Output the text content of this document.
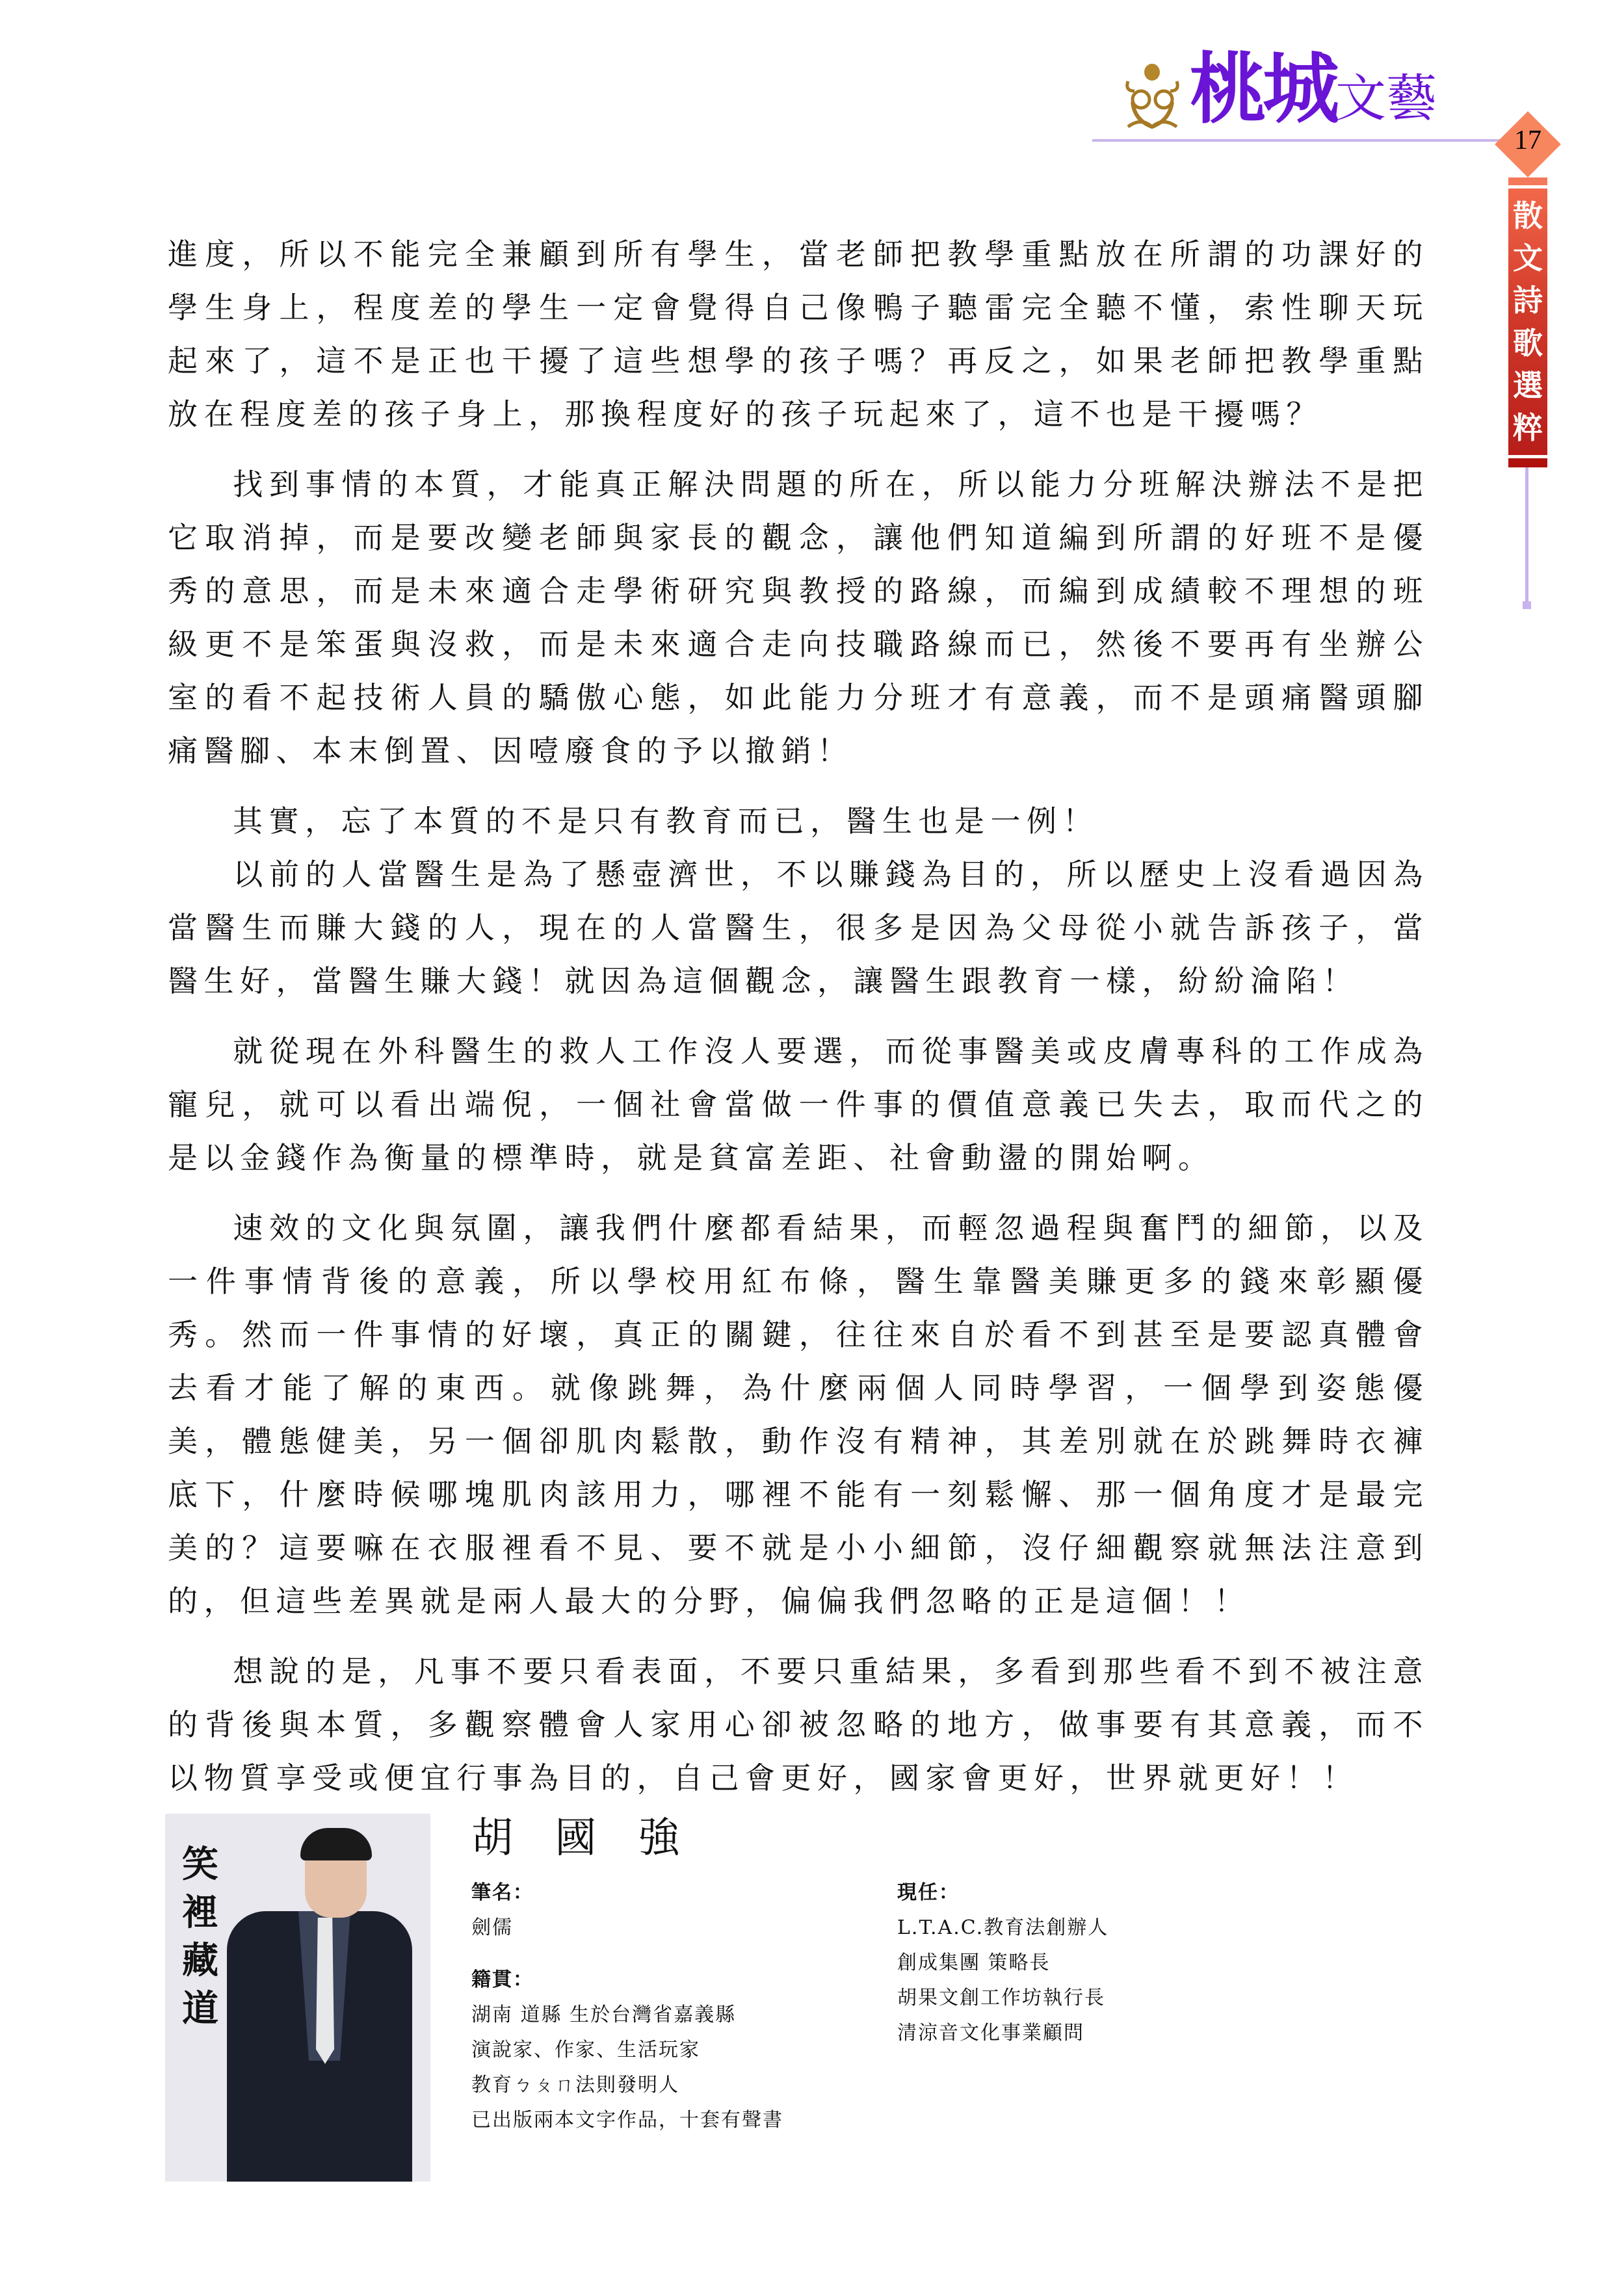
桃城文藝
17
散
文
詩
歌
選
粹

進度，所以不能完全兼顧到所有學生，當老師把教學重點放在所謂的功課好的學生身上，程度差的學生一定會覺得自己像鴨子聽雷完全聽不懂，索性聊天玩起來了，這不是正也干擾了這些想學的孩子嗎？再反之，如果老師把教學重點放在程度差的孩子身上，那換程度好的孩子玩起來了，這不也是干擾嗎？

找到事情的本質，才能真正解決問題的所在，所以能力分班解決辦法不是把它取消掉，而是要改變老師與家長的觀念，讓他們知道編到所謂的好班不是優秀的意思，而是未來適合走學術研究與教授的路線，而編到成績較不理想的班級更不是笨蛋與沒救，而是未來適合走向技職路線而已，然後不要再有坐辦公室的看不起技術人員的驕傲心態，如此能力分班才有意義，而不是頭痛醫頭腳痛醫腳、本末倒置、因噎廢食的予以撤銷！

其實，忘了本質的不是只有教育而已，醫生也是一例！

以前的人當醫生是為了懸壺濟世，不以賺錢為目的，所以歷史上沒看過因為當醫生而賺大錢的人，現在的人當醫生，很多是因為父母從小就告訴孩子，當醫生好，當醫生賺大錢！就因為這個觀念，讓醫生跟教育一樣，紛紛淪陷！

就從現在外科醫生的救人工作沒人要選，而從事醫美或皮膚專科的工作成為寵兒，就可以看出端倪，一個社會當做一件事的價值意義已失去，取而代之的是以金錢作為衡量的標準時，就是貧富差距、社會動盪的開始啊。

速效的文化與氛圍，讓我們什麼都看結果，而輕忽過程與奮鬥的細節，以及一件事情背後的意義，所以學校用紅布條，醫生靠醫美賺更多的錢來彰顯優秀。然而一件事情的好壞，真正的關鍵，往往來自於看不到甚至是要認真體會去看才能了解的東西。就像跳舞，為什麼兩個人同時學習，一個學到姿態優美，體態健美，另一個卻肌肉鬆散，動作沒有精神，其差別就在於跳舞時衣褲底下，什麼時候哪塊肌肉該用力，哪裡不能有一刻鬆懈、那一個角度才是最完美的？這要嘛在衣服裡看不見、要不就是小小細節，沒仔細觀察就無法注意到的，但這些差異就是兩人最大的分野，偏偏我們忽略的正是這個！！

想說的是，凡事不要只看表面，不要只重結果，多看到那些看不到不被注意的背後與本質，多觀察體會人家用心卻被忽略的地方，做事要有其意義，而不以物質享受或便宜行事為目的，自己會更好，國家會更好，世界就更好！！

笑
裡
藏
道
胡 國 強
筆名：
劍儒
籍貫：
湖南 道縣 生於台灣省嘉義縣
演說家、作家、生活玩家
教育ㄅㄆㄇ法則發明人
已出版兩本文字作品，十套有聲書
現任：
L.T.A.C.教育法創辦人
創成集團 策略長
胡果文創工作坊執行長
清涼音文化事業顧問
